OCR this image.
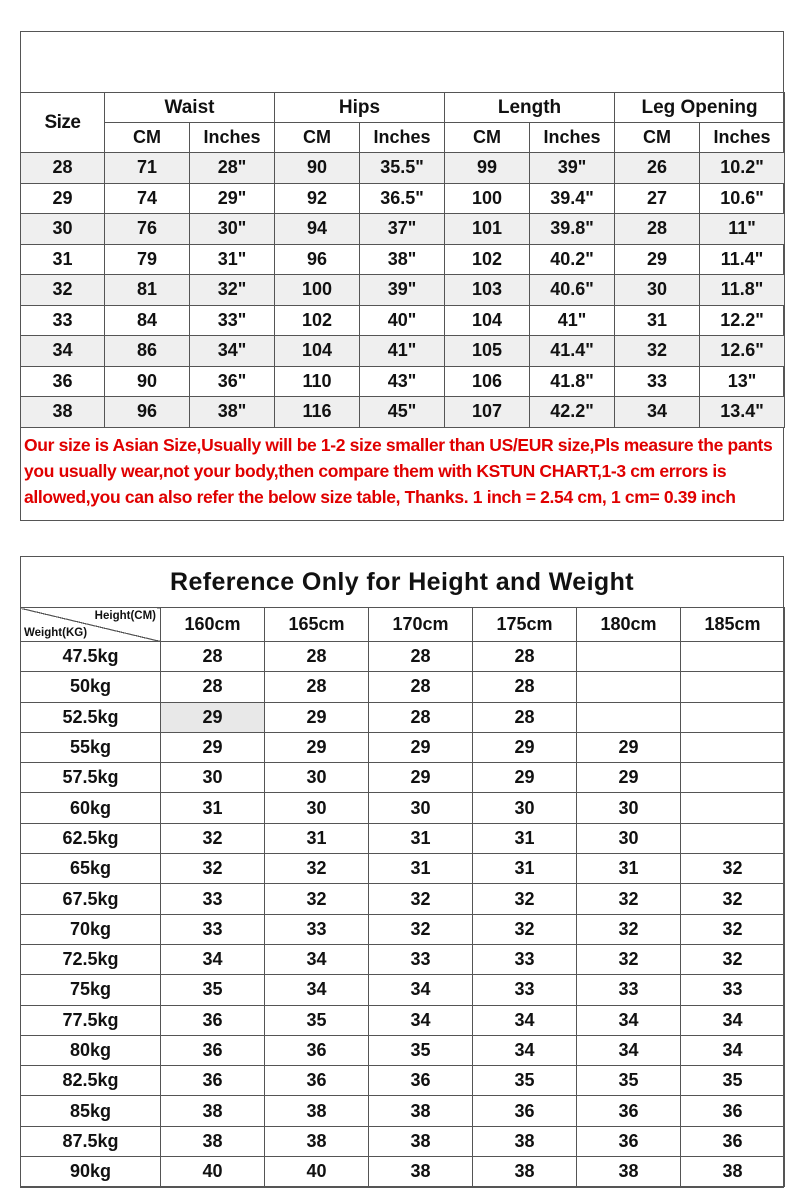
Size	Waist		Hips		Length		Leg Opening	
	CM	Inches	CM	Inches	CM	Inches	CM	Inches
28	71	28"	90	35.5"	99	39"	26	10.2"
29	74	29"	92	36.5"	100	39.4"	27	10.6"
30	76	30"	94	37"	101	39.8"	28	11"
31	79	31"	96	38"	102	40.2"	29	11.4"
32	81	32"	100	39"	103	40.6"	30	11.8"
33	84	33"	102	40"	104	41"	31	12.2"
34	86	34"	104	41"	105	41.4"	32	12.6"
36	90	36"	110	43"	106	41.8"	33	13"
38	96	38"	116	45"	107	42.2"	34	13.4"
Our size is Asian Size,Usually will be 1-2 size smaller than US/EUR size,Pls measure the pants you usually wear,not your body,then compare them with KSTUN CHART,1-3 cm errors is allowed,you can also refer the below size table, Thanks. 1 inch = 2.54 cm, 1 cm= 0.39 inch
Reference Only for Height and Weight
Height(CM)
Weight(KG)	160cm	165cm	170cm	175cm	180cm	185cm
47.5kg	28	28	28	28		
50kg	28	28	28	28		
52.5kg	29	29	28	28		
55kg	29	29	29	29	29	
57.5kg	30	30	29	29	29	
60kg	31	30	30	30	30	
62.5kg	32	31	31	31	30	
65kg	32	32	31	31	31	32
67.5kg	33	32	32	32	32	32
70kg	33	33	32	32	32	32
72.5kg	34	34	33	33	32	32
75kg	35	34	34	33	33	33
77.5kg	36	35	34	34	34	34
80kg	36	36	35	34	34	34
82.5kg	36	36	36	35	35	35
85kg	38	38	38	36	36	36
87.5kg	38	38	38	38	36	36
90kg	40	40	38	38	38	38
